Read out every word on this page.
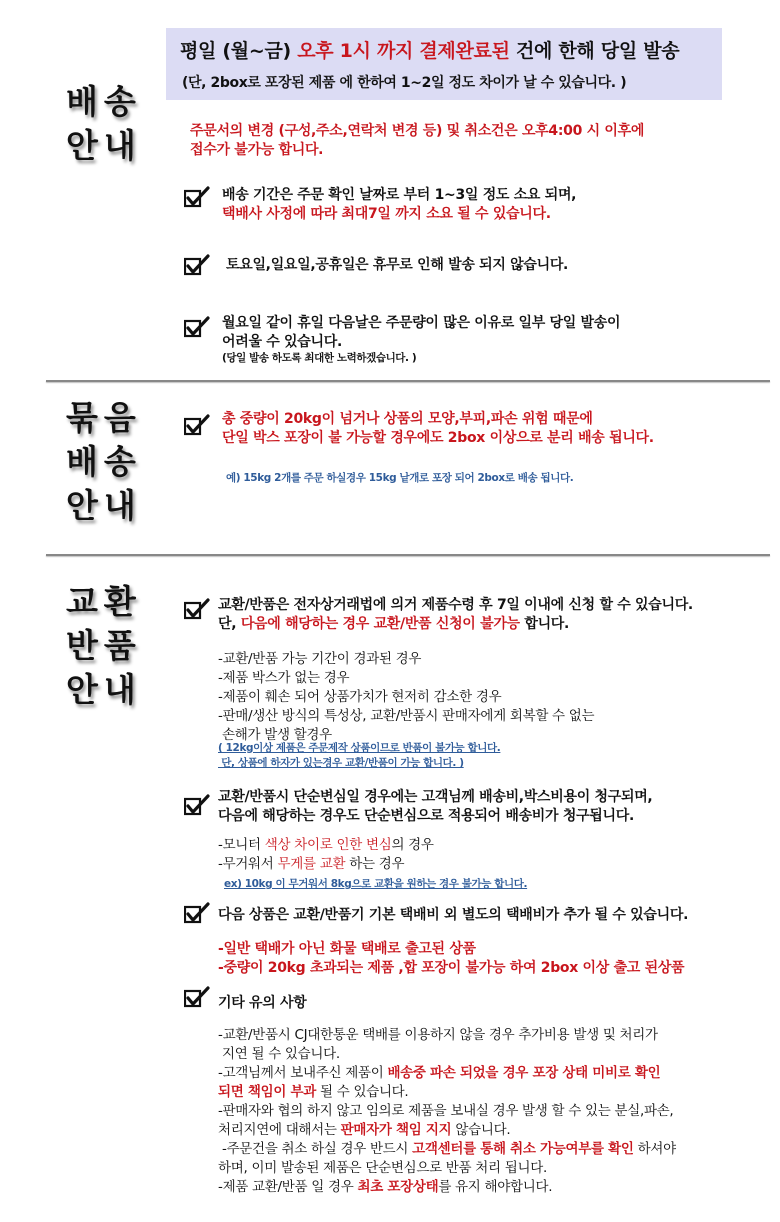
평일 (월~금) 오후 1시 까지 결제완료된 건에 한해 당일 발송
(단, 2box로 포장된 제품 에 한하여 1~2일 정도 차이가 날 수 있습니다. )
배송
안내	주문서의 변경 (구성,주소,연락처 변경 등) 및 취소건은 오후4:00 시 이후에
접수가 불가능 합니다.
배송 기간은 주문 확인 날짜로 부터 1~3일 정도 소요 되며,
택배사 사정에 따라 최대7일 까지 소요 될 수 있습니다.
토요일,일요일,공휴일은 휴무로 인해 발송 되지 않습니다.
월요일 같이 휴일 다음날은 주문량이 많은 이유로 일부 당일 발송이
어려울 수 있습니다.
(당일 발송 하도록 최대한 노력하겠습니다. )
묶음
배송
안내
총 중량이 20kg이 넘거나 상품의 모양,부피,파손 위험 때문에
단일 박스 포장이 불 가능할 경우에도 2box 이상으로 분리 배송 됩니다.
예) 15kg 2개를 주문 하실경우 15kg 낱개로 포장 되어 2box로 배송 됩니다.
교환
반품
안내
교환/반품은 전자상거래법에 의거 제품수령 후 7일 이내에 신청 할 수 있습니다.
단, 다음에 해당하는 경우 교환/반품 신청이 불가능 합니다.
-교환/반품 가능 기간이 경과된 경우
-제품 박스가 없는 경우
-제품이 훼손 되어 상품가치가 현저히 감소한 경우
-판매/생산 방식의 특성상, 교환/반품시 판매자에게 회복할 수 없는
손해가 발생 할경우
( 12kg이상 제품은 주문제작 상품이므로 반품이 불가능 합니다.
단, 상품에 하자가 있는경우 교환/반품이 가능 합니다. )
교환/반품시 단순변심일 경우에는 고객님께 배송비,박스비용이 청구되며,
다음에 해당하는 경우도 단순변심으로 적용되어 배송비가 청구됩니다.
-모니터 색상 차이로 인한 변심의 경우
-무거워서 무게를 교환 하는 경우
ex) 10kg 이 무거워서 8kg으로 교환을 원하는 경우 불가능 합니다.
다음 상품은 교환/반품기 기본 택배비 외 별도의 택배비가 추가 될 수 있습니다.
-일반 택배가 아닌 화물 택배로 출고된 상품
-중량이 20kg 초과되는 제품 ,합 포장이 불가능 하여 2box 이상 출고 된상품
기타 유의 사항
-교환/반품시 CJ대한통운 택배를 이용하지 않을 경우 추가비용 발생 및 처리가
지연 될 수 있습니다.
-고객님께서 보내주신 제품이 배송중 파손 되었을 경우 포장 상태 미비로 확인
되면 책임이 부과 될 수 있습니다.
-판매자와 협의 하지 않고 임의로 제품을 보내실 경우 발생 할 수 있는 분실,파손,
처리지연에 대해서는 판매자가 책임 지지 않습니다.
-주문건을 취소 하실 경우 반드시 고객센터를 통해 취소 가능여부를 확인 하셔야
하며, 이미 발송된 제품은 단순변심으로 반품 처리 됩니다.
-제품 교환/반품 일 경우 최초 포장상태를 유지 해야합니다.
